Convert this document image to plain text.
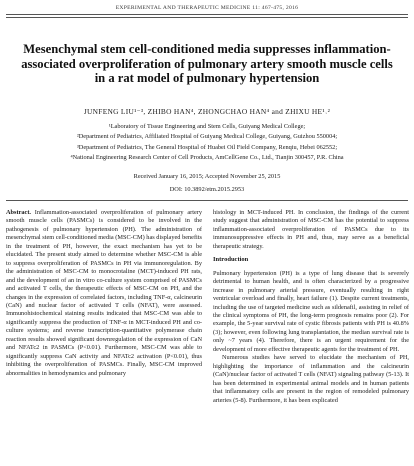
EXPERIMENTAL AND THERAPEUTIC MEDICINE 11: 467-475, 2016
Mesenchymal stem cell-conditioned media suppresses inflammation-associated overproliferation of pulmonary artery smooth muscle cells in a rat model of pulmonary hypertension
JUNFENG LIU¹⁻³, ZHIBO HAN⁴, ZHONGCHAO HAN⁴ and ZHIXU HE¹˒²
¹Laboratory of Tissue Engineering and Stem Cells, Guiyang Medical College;
²Department of Pediatrics, Affiliated Hospital of Guiyang Medical College, Guiyang, Guizhou 550004;
³Department of Pediatrics, The General Hospital of Huabei Oil Field Company, Renqiu, Hebei 062552;
⁴National Engineering Research Center of Cell Products, AmCellGene Co., Ltd., Tianjin 300457, P.R. China
Received January 16, 2015; Accepted November 25, 2015
DOI: 10.3892/etm.2015.2953

Abstract. Inflammation-associated overproliferation of pulmonary artery smooth muscle cells (PASMCs) is considered to be involved in the pathogenesis of pulmonary hypertension (PH). The administration of mesenchymal stem cell-conditioned media (MSC-CM) has displayed benefits in the treatment of PH, however, the exact mechanism has yet to be elucidated. The present study aimed to determine whether MSC-CM is able to suppress overproliferation of PASMCs in PH via immunoregulation. By the administration of MSC-CM to monocrotaline (MCT)-induced PH rats, and the development of an in vitro co-culture system comprised of PASMCs and activated T cells, the therapeutic effects of MSC-CM on PH, and the changes in the expression of correlated factors, including TNF-α, calcineurin (CaN) and nuclear factor of activated T cells (NFAT), were assessed. Immunohistochemical staining results indicated that MSC-CM was able to significantly suppress the production of TNF-α in MCT-induced PH and co-culture systems; and reverse transcription-quantitative polymerase chain reaction results showed significant downregulation of the expression of CaN and NFATc2 in PASMCs (P<0.01). Furthermore, MSC-CM was able to significantly suppress CaN activity and NFATc2 activation (P<0.01), thus inhibiting the overproliferation of PASMCs. Finally, MSC-CM improved abnormalities in hemodynamics and pulmonary

histology in MCT-induced PH. In conclusion, the findings of the current study suggest that administration of MSC-CM has the potential to suppress inflammation-associated overproliferation of PASMCs due to its immunosuppressive effects in PH and, thus, may serve as a beneficial therapeutic strategy.

Introduction

Pulmonary hypertension (PH) is a type of lung disease that is severely detrimental to human health, and is often characterized by a progressive increase in pulmonary arterial pressure, eventually resulting in right ventricular overload and finally, heart failure (1). Despite current treatments, including the use of targeted medicine such as sildenafil, assisting in relief of the clinical symptoms of PH, the long-term prognosis remains poor (2). For example, the 5-year survival rate of cystic fibrosis patients with PH is 40.8% (3); however, even following lung transplantation, the median survival rate is only ~7 years (4). Therefore, there is an urgent requirement for the development of more effective therapeutic agents for the treatment of PH.

Numerous studies have served to elucidate the mechanism of PH, highlighting the importance of inflammation and the calcineurin (CaN)/nuclear factor of activated T cells (NFAT) signaling pathway (5-13). It has been determined in experimental animal models and in human patients that inflammatory cells are present in the region of remodeled pulmonary arteries (5-8). Furthermore, it has been explicated
